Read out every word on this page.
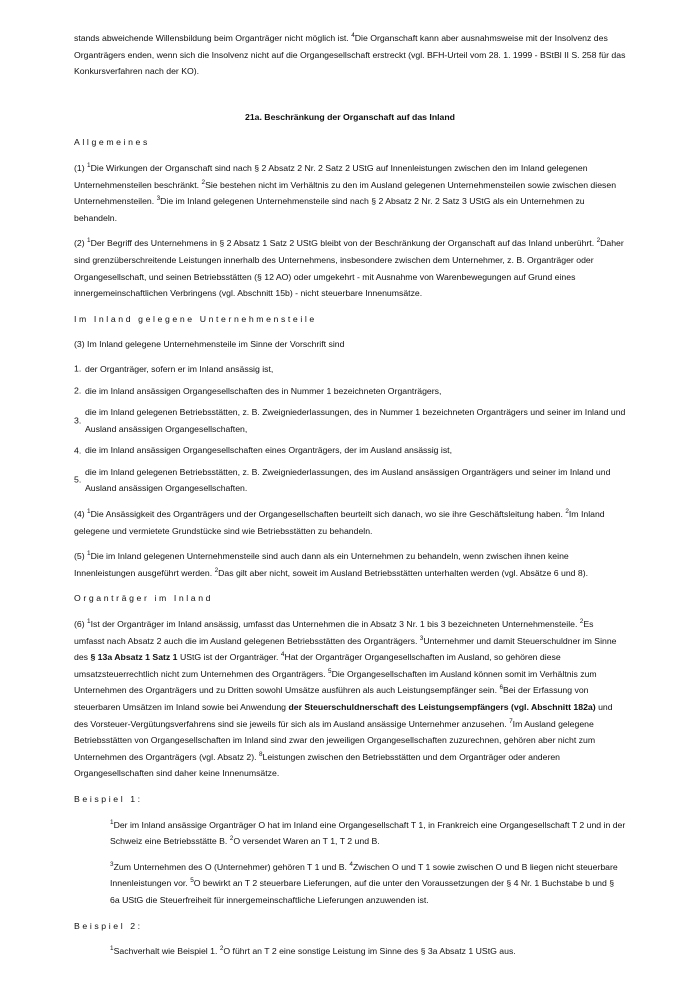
stands abweichende Willensbildung beim Organträger nicht möglich ist. $^4$Die Organschaft kann aber ausnahmsweise mit der Insolvenz des Organträgers enden, wenn sich die Insolvenz nicht auf die Organgesellschaft erstreckt (vgl. BFH-Urteil vom 28. 1. 1999 - BStBl II S. 258 für das Konkursverfahren nach der KO).

21a. Beschränkung der Organschaft auf das Inland

Allgemeines

(1) $^1$Die Wirkungen der Organschaft sind nach § 2 Absatz 2 Nr. 2 Satz 2 UStG auf Innenleistungen zwischen den im Inland gelegenen Unternehmensteilen beschränkt. $^2$Sie bestehen nicht im Verhältnis zu den im Ausland gelegenen Unternehmensteilen sowie zwischen diesen Unternehmensteilen. $^3$Die im Inland gelegenen Unternehmensteile sind nach § 2 Absatz 2 Nr. 2 Satz 3 UStG als ein Unternehmen zu behandeln.

(2) $^1$Der Begriff des Unternehmens in § 2 Absatz 1 Satz 2 UStG bleibt von der Beschränkung der Organschaft auf das Inland unberührt. $^2$Daher sind grenzüberschreitende Leistungen innerhalb des Unternehmens, insbesondere zwischen dem Unternehmer, z. B. Organträger oder Organgesellschaft, und seinen Betriebsstätten (§ 12 AO) oder umgekehrt - mit Ausnahme von Warenbewegungen auf Grund eines innergemeinschaftlichen Verbringens (vgl. Abschnitt 15b) - nicht steuerbare Innenumsätze.

Im Inland gelegene Unternehmensteile

(3) Im Inland gelegene Unternehmensteile im Sinne der Vorschrift sind

1. der Organträger, sofern er im Inland ansässig ist,
2. die im Inland ansässigen Organgesellschaften des in Nummer 1 bezeichneten Organträgers,
3.
die im Inland gelegenen Betriebsstätten, z. B. Zweigniederlassungen, des in Nummer 1 bezeichneten Organträgers und seiner im Inland und Ausland ansässigen Organgesellschaften,
4. die im Inland ansässigen Organgesellschaften eines Organträgers, der im Ausland ansässig ist,
5.
die im Inland gelegenen Betriebsstätten, z. B. Zweigniederlassungen, des im Ausland ansässigen Organträgers und seiner im Inland und Ausland ansässigen Organgesellschaften.

(4) $^1$Die Ansässigkeit des Organträgers und der Organgesellschaften beurteilt sich danach, wo sie ihre Geschäftsleitung haben. $^2$Im Inland gelegene und vermietete Grundstücke sind wie Betriebsstätten zu behandeln.

(5) $^1$Die im Inland gelegenen Unternehmensteile sind auch dann als ein Unternehmen zu behandeln, wenn zwischen ihnen keine Innenleistungen ausgeführt werden. $^2$Das gilt aber nicht, soweit im Ausland Betriebsstätten unterhalten werden (vgl. Absätze 6 und 8).

Organträger im Inland

(6) $^1$Ist der Organträger im Inland ansässig, umfasst das Unternehmen die in Absatz 3 Nr. 1 bis 3 bezeichneten Unternehmensteile. $^2$Es umfasst nach Absatz 2 auch die im Ausland gelegenen Betriebsstätten des Organträgers. $^3$Unternehmer und damit Steuerschuldner im Sinne des § 13a Absatz 1 Satz 1 UStG ist der Organträger. $^4$Hat der Organträger Organgesellschaften im Ausland, so gehören diese umsatzsteuerrechtlich nicht zum Unternehmen des Organträgers. $^5$Die Organgesellschaften im Ausland können somit im Verhältnis zum Unternehmen des Organträgers und zu Dritten sowohl Umsätze ausführen als auch Leistungsempfänger sein. $^6$Bei der Erfassung von steuerbaren Umsätzen im Inland sowie bei Anwendung der Steuerschuldnerschaft des Leistungsempfängers (vgl. Abschnitt 182a) und des Vorsteuer-Vergütungsverfahrens sind sie jeweils für sich als im Ausland ansässige Unternehmer anzusehen. $^7$Im Ausland gelegene Betriebsstätten von Organgesellschaften im Inland sind zwar den jeweiligen Organgesellschaften zuzurechnen, gehören aber nicht zum Unternehmen des Organträgers (vgl. Absatz 2). $^8$Leistungen zwischen den Betriebsstätten und dem Organträger oder anderen Organgesellschaften sind daher keine Innenumsätze.

Beispiel 1:

$^1$Der im Inland ansässige Organträger O hat im Inland eine Organgesellschaft T 1, in Frankreich eine Organgesellschaft T 2 und in der Schweiz eine Betriebsstätte B. $^2$O versendet Waren an T 1, T 2 und B.

$^3$Zum Unternehmen des O (Unternehmer) gehören T 1 und B. $^4$Zwischen O und T 1 sowie zwischen O und B liegen nicht steuerbare Innenleistungen vor. $^5$O bewirkt an T 2 steuerbare Lieferungen, auf die unter den Voraussetzungen der § 4 Nr. 1 Buchstabe b und § 6a UStG die Steuerfreiheit für innergemeinschaftliche Lieferungen anzuwenden ist.

Beispiel 2:

$^1$Sachverhalt wie Beispiel 1. $^2$O führt an T 2 eine sonstige Leistung im Sinne des § 3a Absatz 1 UStG aus.
